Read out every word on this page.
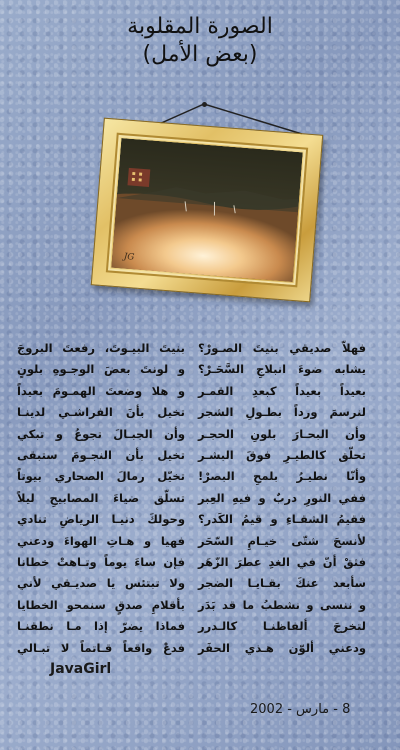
الصورة المقلوبة
(بعض الأمل)
JG
بنيتَ البيـوتَ، رفعتَ البروجَ
و لونتَ بعضَ الوجـوهِ بلونٍ
و هلا وضعتَ الهمـومَ بعيداً
تخيل بأنَ الفراشـي لدينـا
وأن الجبـالَ تجوعُ و تبكي
تخيل بأن النجـومَ ستبقى
تخيّل رمالَ الصحاري بيوتاً
تسلّق ضياءَ المصابيحِ ليلاً
وحولكَ دنيـا الرياضِ تنادي
فهيا و هـاتِ الهواءَ ودعني
فإن ساءَ يوماً وتـاهتْ خطانا
ولا تبتئس يا صديـقي لأني
بأقلامِ صدقٍ سنمحو الخطايا
فماذا يضرّ إذا مـا نطقنـا
فدعْ واقعاً قـاتماً لا تبـالي
فهلاّ صديقي بنيتَ الصـورْ؟
يشابه ضوءَ انبلاجِ السَّحَـرْ؟
بعيداً بعيداً كبعدِ القمـر
لنرسمَ ورداً بطـولِ الشجر
وأن البحـارَ بلونِ الحجـر
تحلّق كالطيـرِ فوقَ البشـر
وأنّا نطيـرُ بلمحِ البصرْ!
ففي النورِ دربٌ و فيهِ العِبر
فقيمُ الشقـاءِ و قيمُ الكَدر؟
لأنسجَ شتّى خيـامِ السّحَر
فثقْ أنّ في الغدِ عطرَ الزّهَر
سأبعد عنكَ بقـايـا الضجر
و ننسى و نشطبُ ما قد بَدَر
لتخرجَ ألفاظنـا كالـدرر
ودعني ألوّن هـذي الحفَر
JavaGirl
8 - مارس - 2002
